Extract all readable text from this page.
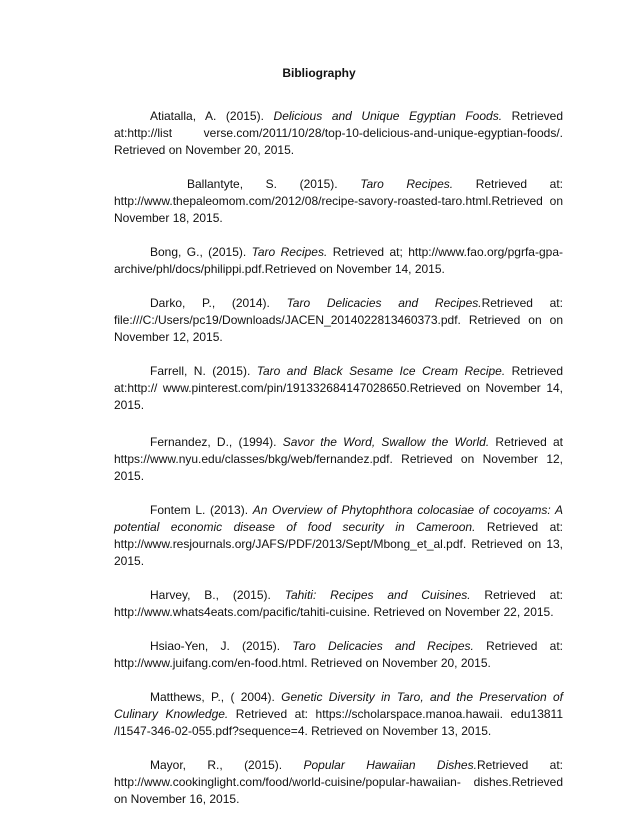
Bibliography

Atiatalla, A. (2015). Delicious and Unique Egyptian Foods. Retrieved at:http://list verse.com/2011/10/28/top-10-delicious-and-unique-egyptian-foods/. Retrieved on November 20, 2015.

Ballantyte, S. (2015). Taro Recipes. Retrieved at: http://www.thepaleomom.com/2012/08/recipe-savory-roasted-taro.html.Retrieved on November 18, 2015.

Bong, G., (2015). Taro Recipes. Retrieved at; http://www.fao.org/pgrfa-gpa-archive/phl/docs/philippi.pdf.Retrieved on November 14, 2015.

Darko, P., (2014). Taro Delicacies and Recipes.Retrieved at: file:///C:/Users/pc19/Downloads/JACEN_2014022813460373.pdf. Retrieved on on November 12, 2015.

Farrell, N. (2015). Taro and Black Sesame Ice Cream Recipe. Retrieved at:http:// www.pinterest.com/pin/191332684147028650.Retrieved on November 14, 2015.

Fernandez, D., (1994). Savor the Word, Swallow the World. Retrieved at https://www.nyu.edu/classes/bkg/web/fernandez.pdf. Retrieved on November 12, 2015.

Fontem L. (2013). An Overview of Phytophthora colocasiae of cocoyams: A potential economic disease of food security in Cameroon. Retrieved at: http://www.resjournals.org/JAFS/PDF/2013/Sept/Mbong_et_al.pdf. Retrieved on 13, 2015.

Harvey, B., (2015). Tahiti: Recipes and Cuisines. Retrieved at: http://www.whats4eats.com/pacific/tahiti-cuisine. Retrieved on November 22, 2015.

Hsiao-Yen, J. (2015). Taro Delicacies and Recipes. Retrieved at: http://www.juifang.com/en-food.html. Retrieved on November 20, 2015.

Matthews, P., ( 2004). Genetic Diversity in Taro, and the Preservation of Culinary Knowledge. Retrieved at: https://scholarspace.manoa.hawaii. edu13811 /l1547-346-02-055.pdf?sequence=4. Retrieved on November 13, 2015.

Mayor, R., (2015). Popular Hawaiian Dishes.Retrieved at: http://www.cookinglight.com/food/world-cuisine/popular-hawaiian- dishes.Retrieved on November 16, 2015.
